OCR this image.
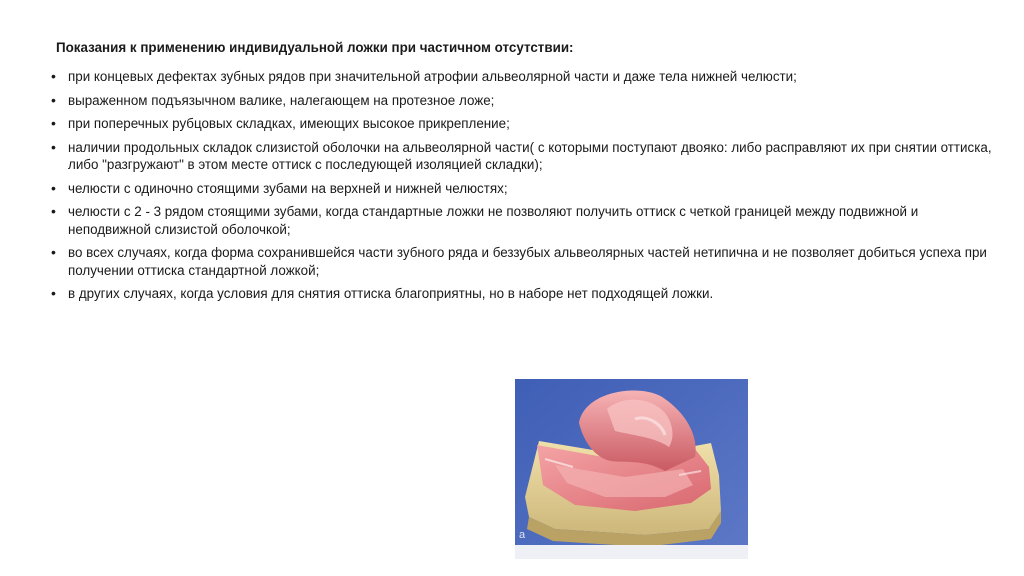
Показания к применению индивидуальной ложки при частичном отсутствии:
• при концевых дефектах зубных рядов при значительной атрофии альвеолярной части и даже тела нижней челюсти;
• выраженном подъязычном валике, налегающем на протезное ложе;
• при поперечных рубцовых складках, имеющих высокое прикрепление;
• наличии продольных складок слизистой оболочки на альвеолярной части( с которыми поступают двояко: либо расправляют их при снятии оттиска, либо "разгружают" в этом месте оттиск с последующей изоляцией складки);
• челюсти с одиночно стоящими зубами на верхней и нижней челюстях;
• челюсти с 2 - 3 рядом стоящими зубами, когда стандартные ложки не позволяют получить оттиск с четкой границей между подвижной и неподвижной слизистой оболочкой;
• во всех случаях, когда форма сохранившейся части зубного ряда и беззубых альвеолярных частей нетипична и не позволяет добиться успеха при получении оттиска стандартной ложкой;
• в других случаях, когда условия для снятия оттиска благоприятны, но в наборе нет подходящей ложки.
a
